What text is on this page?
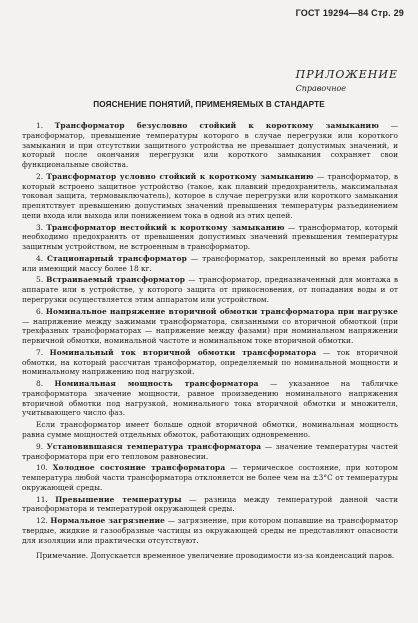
ГОСТ 19294—84 Стр. 29
ПРИЛОЖЕНИЕ
Справочное
ПОЯСНЕНИЕ ПОНЯТИЙ, ПРИМЕНЯЕМЫХ В СТАНДАРТЕ

1. Трансформатор безусловно стойкий к короткому замыканию — трансформатор, превышение температуры которого в случае перегрузки или короткого замыкания и при отсутствии защитного устройства не превышает допустимых значений, и который после окончания перегрузки или короткого замыкания сохраняет свои функциональные свойства.

2. Трансформатор условно стойкий к короткому замыканию — трансформатор, в который встроено защитное устройство (такое, как плавкий предохранитель, максимальная токовая защита, термовыключатель), которое в случае перегрузки или короткого замыкания препятствует превышению допустимых значений превышения температуры разъединением цепи входа или выхода или понижением тока в одной из этих цепей.

3. Трансформатор нестойкий к короткому замыканию — трансформатор, который необходимо предохранять от превышения допустимых значений превышения температуры защитным устройством, не встроенным в трансформатор.

4. Стационарный трансформатор — трансформатор, закрепленный во время работы или имеющий массу более 18 кг.

5. Встраиваемый трансформатор — трансформатор, предназначенный для монтажа в аппарате или в устройстве, у которого защита от прикосновения, от попадания воды и от перегрузки осуществляется этим аппаратом или устройством.

6. Номинальное напряжение вторичной обмотки трансформатора при нагрузке — напряжение между зажимами трансформатора, связанными со вторичной обмоткой (при трехфазных трансформаторах — напряжение между фазами) при номинальном напряжении первичной обмотки, номинальной частоте и номинальном токе вторичной обмотки.

7. Номинальный ток вторичной обмотки трансформатора — ток вторичной обмотки, на который рассчитан трансформатор, определяемый по номинальной мощности и номинальному напряжению под нагрузкой.

8. Номинальная мощность трансформатора — указанное на табличке трансформатора значение мощности, равное произведению номинального напряжения вторичной обмотки под нагрузкой, номинального тока вторичной обмотки и множителя, учитывающего число фаз.

Если трансформатор имеет больше одной вторичной обмотки, номинальная мощность равна сумме мощностей отдельных обмоток, работающих одновременно.

9. Установившаяся температура трансформатора — значение температуры частей трансформатора при его тепловом равновесии.

10. Холодное состояние трансформатора — термическое состояние, при котором температура любой части трансформатора отклоняется не более чем на ±3°С от температуры окружающей среды.

11. Превышение температуры — разница между температурой данной части трансформатора и температурой окружающей среды.

12. Нормальное загрязнение — загрязнение, при котором попавшие на трансформатор твердые, жидкие и газообразные частицы из окружающей среды не представляют опасности для изоляции или практически отсутствуют.

Примечание. Допускается временное увеличение проводимости из-за конденсаций паров.
